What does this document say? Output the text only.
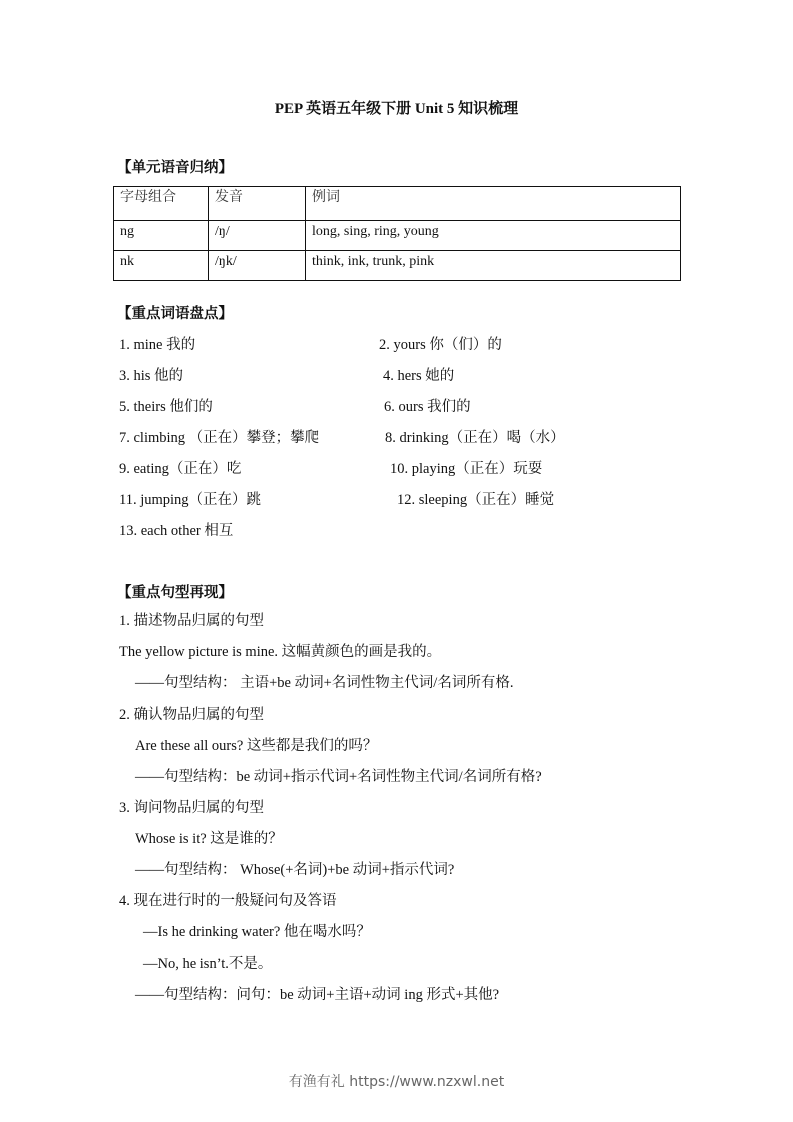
PEP 英语五年级下册 Unit 5 知识梳理
【单元语音归纳】
字母组合	发音	例词
ng	/ŋ/	long, sing, ring, young
nk	/ŋk/	think, ink, trunk, pink
【重点词语盘点】
1. mine 我的	2. yours 你（们）的
3. his 他的	4. hers 她的
5. theirs 他们的	6. ours 我们的
7. climbing （正在）攀登；攀爬	8. drinking（正在）喝（水）
9. eating（正在）吃	10. playing（正在）玩耍
11. jumping（正在）跳	12. sleeping（正在）睡觉
13. each other 相互
【重点句型再现】
1. 描述物品归属的句型
The yellow picture is mine. 这幅黄颜色的画是我的。
——句型结构： 主语+be 动词+名词性物主代词/名词所有格.
2. 确认物品归属的句型
Are these all ours? 这些都是我们的吗？
——句型结构：be 动词+指示代词+名词性物主代词/名词所有格?
3. 询问物品归属的句型
Whose is it? 这是谁的？
——句型结构： Whose(+名词)+be 动词+指示代词?
4. 现在进行时的一般疑问句及答语
—Is he drinking water? 他在喝水吗？
—No, he isn’t.不是。
——句型结构：问句：be 动词+主语+动词 ing 形式+其他?
有渔有礼 https://www.nzxwl.net
